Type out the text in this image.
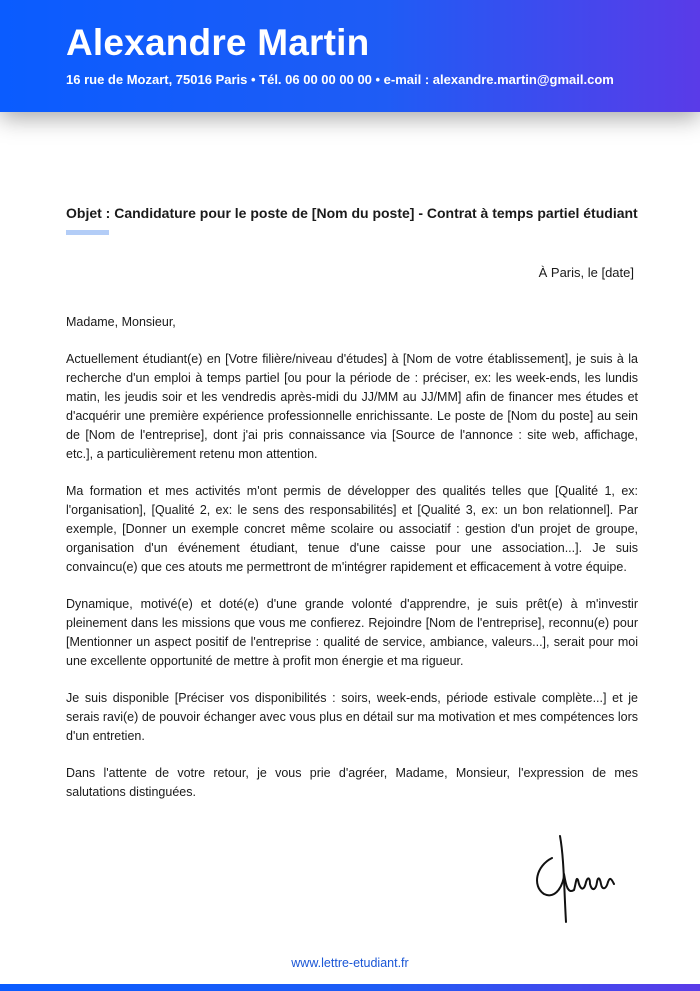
Alexandre Martin
16 rue de Mozart, 75016 Paris • Tél. 06 00 00 00 00 • e-mail : alexandre.martin@gmail.com
Objet : Candidature pour le poste de [Nom du poste] - Contrat à temps partiel étudiant
À Paris, le [date]

Madame, Monsieur,

Actuellement étudiant(e) en [Votre filière/niveau d'études] à [Nom de votre établissement], je suis à la recherche d'un emploi à temps partiel [ou pour la période de : préciser, ex: les week-ends, les lundis matin, les jeudis soir et les vendredis après-midi du JJ/MM au JJ/MM] afin de financer mes études et d'acquérir une première expérience professionnelle enrichissante. Le poste de [Nom du poste] au sein de [Nom de l'entreprise], dont j'ai pris connaissance via [Source de l'annonce : site web, affichage, etc.], a particulièrement retenu mon attention.

Ma formation et mes activités m'ont permis de développer des qualités telles que [Qualité 1, ex: l'organisation], [Qualité 2, ex: le sens des responsabilités] et [Qualité 3, ex: un bon relationnel]. Par exemple, [Donner un exemple concret même scolaire ou associatif : gestion d'un projet de groupe, organisation d'un événement étudiant, tenue d'une caisse pour une association...]. Je suis convaincu(e) que ces atouts me permettront de m'intégrer rapidement et efficacement à votre équipe.

Dynamique, motivé(e) et doté(e) d'une grande volonté d'apprendre, je suis prêt(e) à m'investir pleinement dans les missions que vous me confierez. Rejoindre [Nom de l'entreprise], reconnu(e) pour [Mentionner un aspect positif de l'entreprise : qualité de service, ambiance, valeurs...], serait pour moi une excellente opportunité de mettre à profit mon énergie et ma rigueur.

Je suis disponible [Préciser vos disponibilités : soirs, week-ends, période estivale complète...] et je serais ravi(e) de pouvoir échanger avec vous plus en détail sur ma motivation et mes compétences lors d'un entretien.

Dans l'attente de votre retour, je vous prie d'agréer, Madame, Monsieur, l'expression de mes salutations distinguées.

www.lettre-etudiant.fr
